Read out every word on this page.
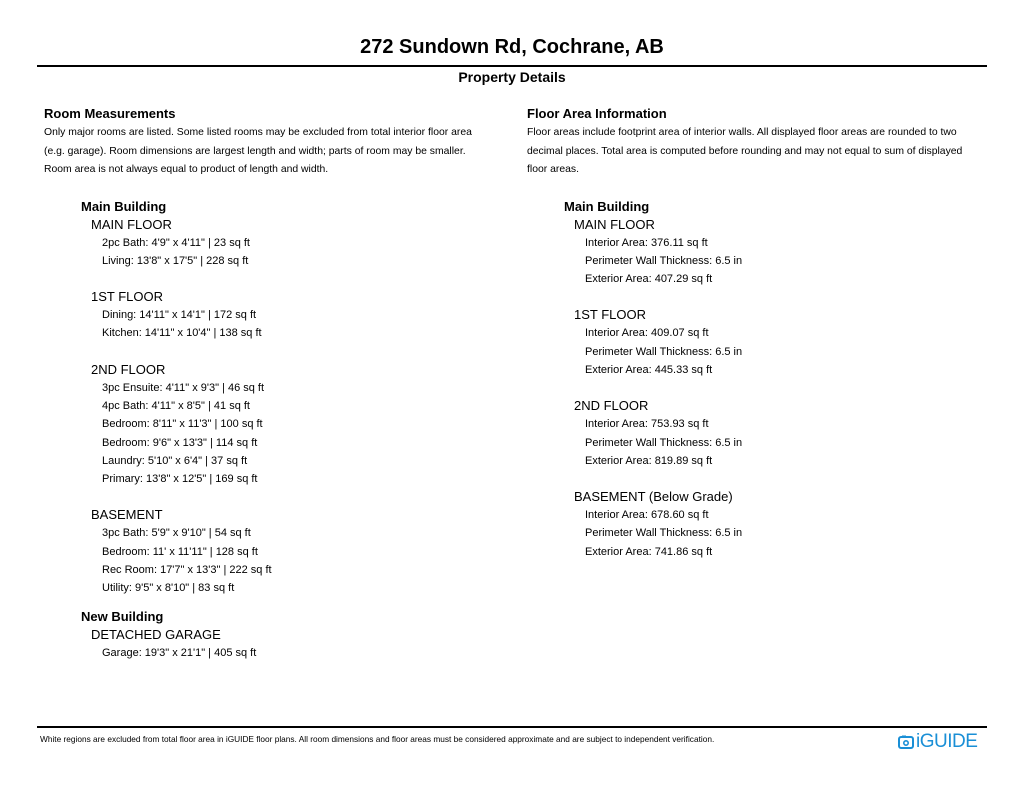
272 Sundown Rd, Cochrane, AB
Property Details
Room Measurements
Only major rooms are listed. Some listed rooms may be excluded from total interior floor area
(e.g. garage). Room dimensions are largest length and width; parts of room may be smaller.
Room area is not always equal to product of length and width.
Main Building
MAIN FLOOR
2pc Bath: 4'9" x 4'11" | 23 sq ft
Living: 13'8" x 17'5" | 228 sq ft
1ST FLOOR
Dining: 14'11" x 14'1" | 172 sq ft
Kitchen: 14'11" x 10'4" | 138 sq ft
2ND FLOOR
3pc Ensuite: 4'11" x 9'3" | 46 sq ft
4pc Bath: 4'11" x 8'5" | 41 sq ft
Bedroom: 8'11" x 11'3" | 100 sq ft
Bedroom: 9'6" x 13'3" | 114 sq ft
Laundry: 5'10" x 6'4" | 37 sq ft
Primary: 13'8" x 12'5" | 169 sq ft
BASEMENT
3pc Bath: 5'9" x 9'10" | 54 sq ft
Bedroom: 11' x 11'11" | 128 sq ft
Rec Room: 17'7" x 13'3" | 222 sq ft
Utility: 9'5" x 8'10" | 83 sq ft
New Building
DETACHED GARAGE
Garage: 19'3" x 21'1" | 405 sq ft
Floor Area Information
Floor areas include footprint area of interior walls. All displayed floor areas are rounded to two
decimal places. Total area is computed before rounding and may not equal to sum of displayed
floor areas.
Main Building
MAIN FLOOR
Interior Area: 376.11 sq ft
Perimeter Wall Thickness: 6.5 in
Exterior Area: 407.29 sq ft
1ST FLOOR
Interior Area: 409.07 sq ft
Perimeter Wall Thickness: 6.5 in
Exterior Area: 445.33 sq ft
2ND FLOOR
Interior Area: 753.93 sq ft
Perimeter Wall Thickness: 6.5 in
Exterior Area: 819.89 sq ft
BASEMENT (Below Grade)
Interior Area: 678.60 sq ft
Perimeter Wall Thickness: 6.5 in
Exterior Area: 741.86 sq ft
White regions are excluded from total floor area in iGUIDE floor plans. All room dimensions and floor areas must be considered approximate and are subject to independent verification.	iGUIDE
